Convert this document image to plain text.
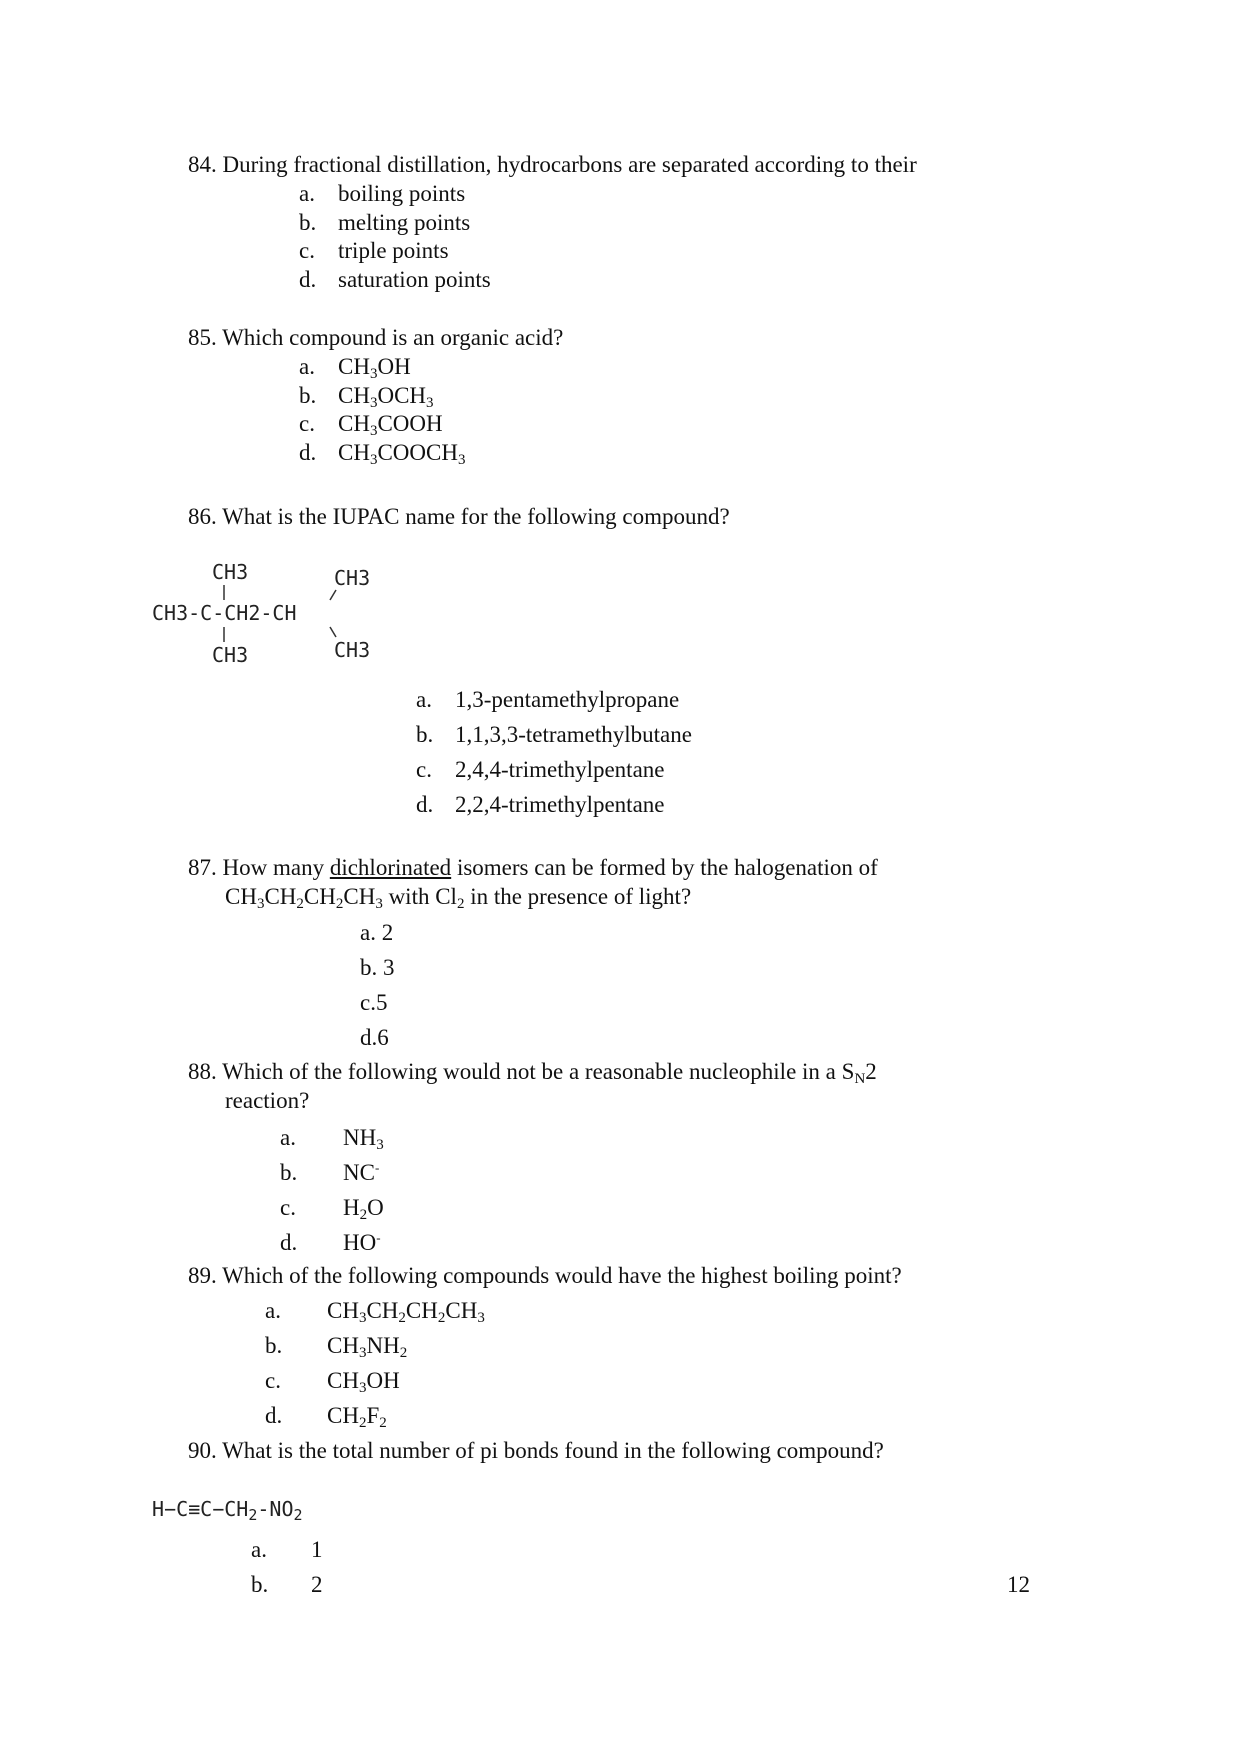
84. During fractional distillation, hydrocarbons are separated according to their
a. boiling points
b. melting points
c. triple points
d. saturation points
85. Which compound is an organic acid?
a. $CH_3OH$
b. $CH_3OCH_3$
c. $CH_3COOH$
d. $CH_3COOCH_3$
86. What is the IUPAC name for the following compound?
CH3	CH3
CH3-C-CH2-CH
CH3	CH3
a. 1,3-pentamethylpropane
b. 1,1,3,3-tetramethylbutane
c. 2,4,4-trimethylpentane
d. 2,2,4-trimethylpentane
87. How many dichlorinated isomers can be formed by the halogenation of
$CH_3CH_2CH_2CH_3$ with $Cl_2$ in the presence of light?
a. 2
b. 3
c.5
d.6
88. Which of the following would not be a reasonable nucleophile in a $S_N2$
reaction?
a. $NH_3$
b. NC-
c. $H_2O$
d. HO-
89. Which of the following compounds would have the highest boiling point?
a. $CH_3CH_2CH_2CH_3$
b. $CH_3NH_2$
c. $CH_3OH$
d. $CH_2F_2$
90. What is the total number of pi bonds found in the following compound?
$H-C\equiv C-CH_2-NO_2$
a. 1
b. 2	12
